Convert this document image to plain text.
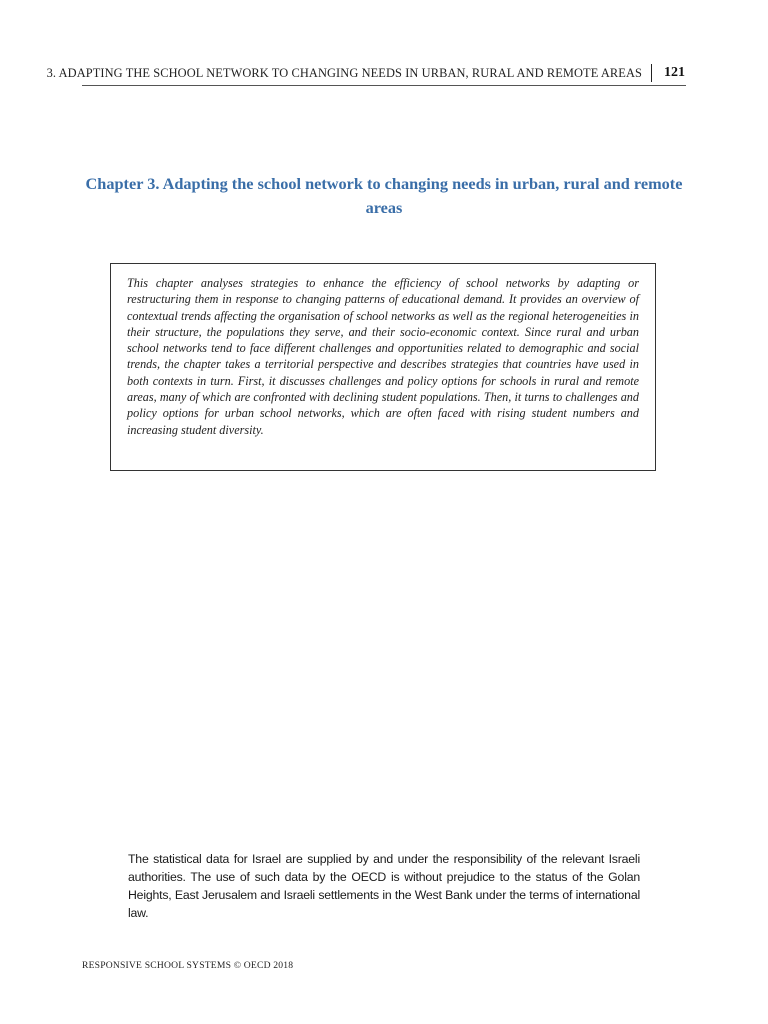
3. ADAPTING THE SCHOOL NETWORK TO CHANGING NEEDS IN URBAN, RURAL AND REMOTE AREAS 121
Chapter 3. Adapting the school network to changing needs in urban, rural and remote areas

This chapter analyses strategies to enhance the efficiency of school networks by adapting or restructuring them in response to changing patterns of educational demand. It provides an overview of contextual trends affecting the organisation of school networks as well as the regional heterogeneities in their structure, the populations they serve, and their socio-economic context. Since rural and urban school networks tend to face different challenges and opportunities related to demographic and social trends, the chapter takes a territorial perspective and describes strategies that countries have used in both contexts in turn. First, it discusses challenges and policy options for schools in rural and remote areas, many of which are confronted with declining student populations. Then, it turns to challenges and policy options for urban school networks, which are often faced with rising student numbers and increasing student diversity.

The statistical data for Israel are supplied by and under the responsibility of the relevant Israeli authorities. The use of such data by the OECD is without prejudice to the status of the Golan Heights, East Jerusalem and Israeli settlements in the West Bank under the terms of international law.

RESPONSIVE SCHOOL SYSTEMS © OECD 2018
